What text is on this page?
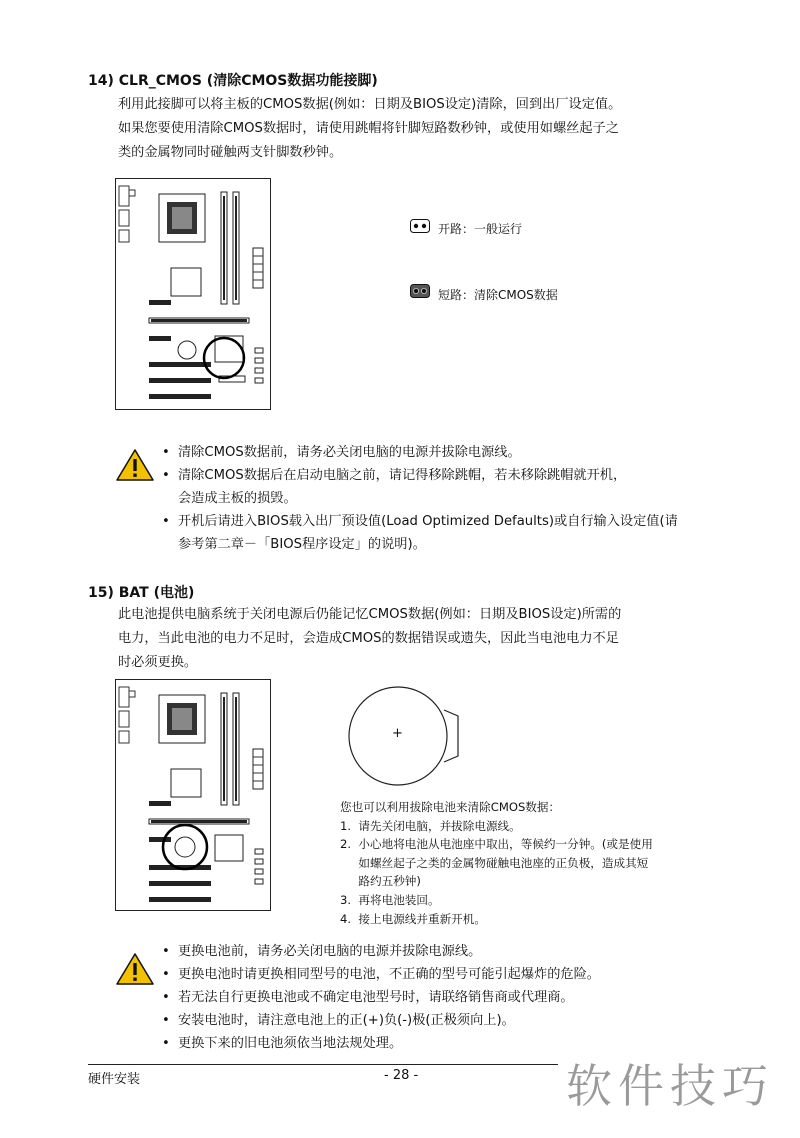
14) CLR_CMOS (清除CMOS数据功能接脚)
利用此接脚可以将主板的CMOS数据(例如：日期及BIOS设定)清除，回到出厂设定值。
如果您要使用清除CMOS数据时，请使用跳帽将针脚短路数秒钟，或使用如螺丝起子之
类的金属物同时碰触两支针脚数秒钟。
开路：一般运行
短路：清除CMOS数据
• 清除CMOS数据前，请务必关闭电脑的电源并拔除电源线。
• 清除CMOS数据后在启动电脑之前，请记得移除跳帽，若未移除跳帽就开机，
会造成主板的损毁。
• 开机后请进入BIOS载入出厂预设值(Load Optimized Defaults)或自行输入设定值(请
参考第二章－「BIOS程序设定」的说明)。
15) BAT (电池)
此电池提供电脑系统于关闭电源后仍能记忆CMOS数据(例如：日期及BIOS设定)所需的
电力，当此电池的电力不足时，会造成CMOS的数据错误或遗失，因此当电池电力不足
时必须更换。
+
您也可以利用拔除电池来清除CMOS数据：
1.  请先关闭电脑，并拔除电源线。
2.  小心地将电池从电池座中取出，等候约一分钟。(或是使用
如螺丝起子之类的金属物碰触电池座的正负极，造成其短
路约五秒钟)
3.  再将电池装回。
4.  接上电源线并重新开机。
• 更换电池前，请务必关闭电脑的电源并拔除电源线。
• 更换电池时请更换相同型号的电池，不正确的型号可能引起爆炸的危险。
• 若无法自行更换电池或不确定电池型号时，请联络销售商或代理商。
• 安装电池时，请注意电池上的正(+)负(-)极(正极须向上)。
• 更换下来的旧电池须依当地法规处理。
硬件安装	- 28 -	软件技巧
